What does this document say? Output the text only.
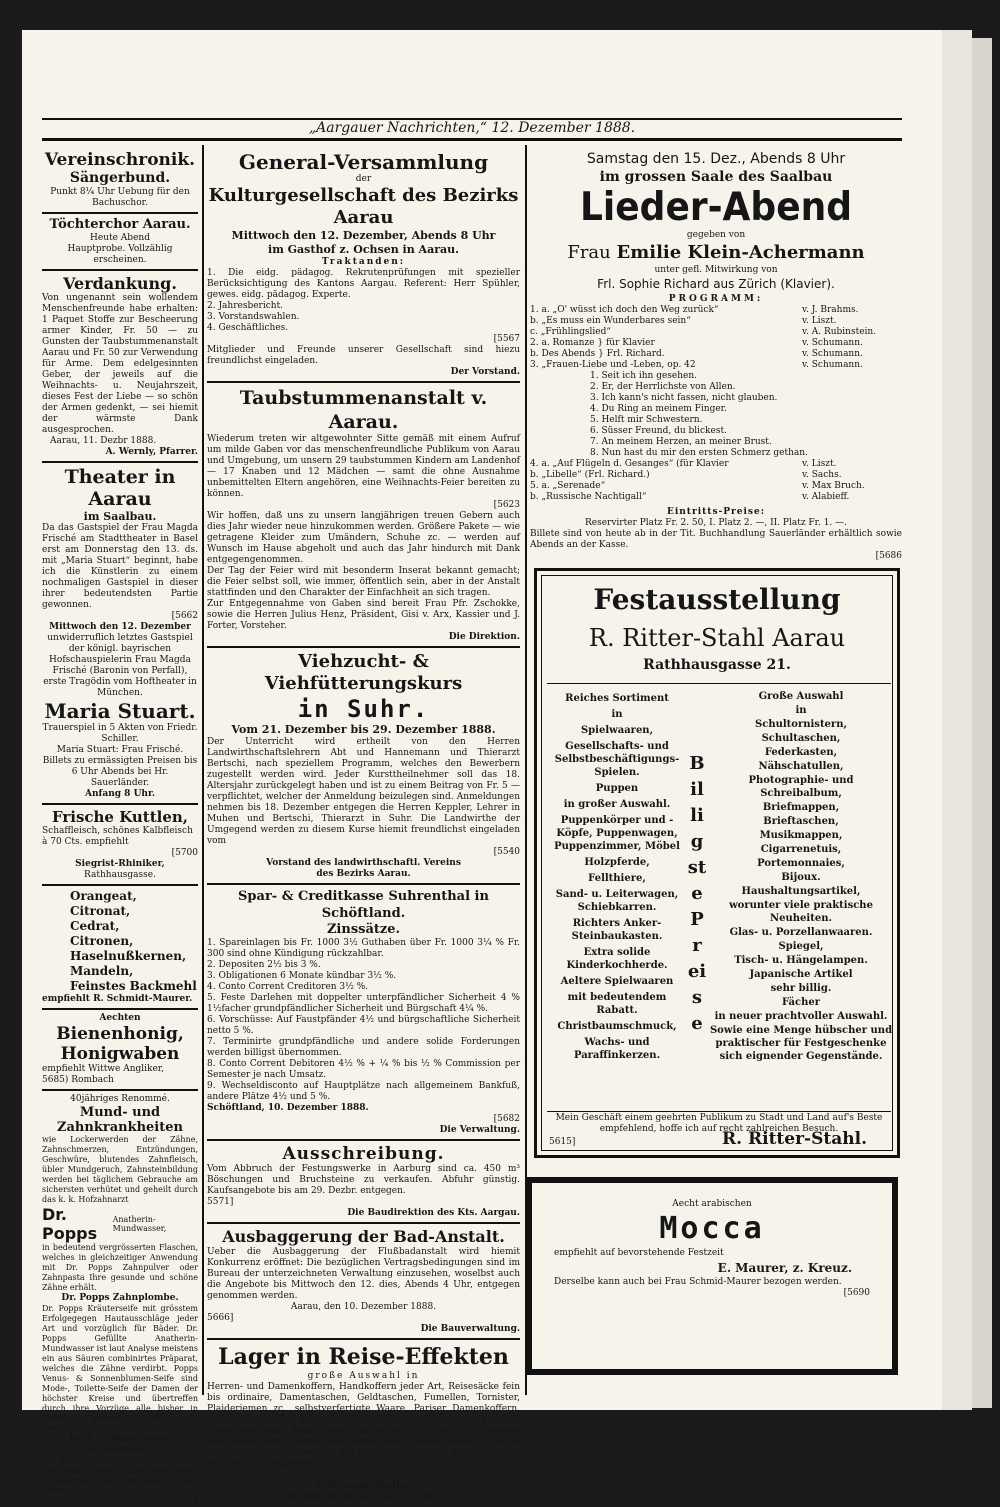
„Aargauer Nachrichten,“ 12. Dezember 1888.

Vereinschronik.

Sängerbund.

Punkt 8¼ Uhr Uebung für den Bachuschor.

Töchterchor Aarau.

Heute Abend

Hauptprobe. Vollzählig erscheinen.

Verdankung.

Von ungenannt sein wollendem Menschenfreunde habe erhalten: 1 Paquet Stoffe zur Bescheerung armer Kinder, Fr. 50 — zu Gunsten der Taubstummenanstalt Aarau und Fr. 50 zur Verwendung für Arme. Dem edelgesinnten Geber, der jeweils auf die Weihnachts- u. Neujahrszeit, dieses Fest der Liebe — so schön der Armen gedenkt, — sei hiemit der wärmste Dank ausgesprochen.

Aarau, 11. Dezbr 1888.

A. Wernly, Pfarrer.

Theater in Aarau

im Saalbau.

Da das Gastspiel der Frau Magda Frisché am Stadttheater in Basel erst am Donnerstag den 13. ds. mit „Maria Stuart“ beginnt, habe ich die Künstlerin zu einem nochmaligen Gastspiel in dieser ihrer bedeutendsten Partie gewonnen.

[5662

Mittwoch den 12. Dezember

unwiderruflich letztes Gastspiel der königl. bayrischen Hofschauspielerin Frau Magda Frisché (Baronin von Perfall), erste Tragödin vom Hoftheater in München.

Maria Stuart.

Trauerspiel in 5 Akten von Friedr. Schiller.

Maria Stuart: Frau Frisché. Billets zu ermässigten Preisen bis 6 Uhr Abends bei Hr. Sauerländer.

Anfang 8 Uhr.

Frische Kuttlen,

Schaffleisch, schönes Kalbfleisch à 70 Cts. empfiehlt

[5700

Siegrist-Rhiniker,

Rathhausgasse.

Orangeat,

Citronat,

Cedrat,

Citronen,

Haselnußkernen,

Mandeln,

Feinstes Backmehl

empfiehlt R. Schmidt-Maurer.

Aechten

Bienenhonig,

Honigwaben

empfiehlt Wittwe Angliker,

5685) Rombach

40jähriges Renommé.

Mund- und Zahnkrankheiten

wie Lockerwerden der Zähne, Zahnschmerzen, Entzündungen, Geschwüre, blutendes Zahnfleisch, übler Mundgeruch, Zahnsteinbildung werden bei täglichem Gebrauche am sichersten verhütet und geheilt durch das k. k. Hofzahnarzt

Dr. Popps
Anatherin-Mundwasser,

in bedeutend vergrösserten Flaschen, welches in gleichzeitiger Anwendung mit Dr. Popps Zahnpulver oder Zahnpasta Ihre gesunde und schöne Zähne erhält.

Dr. Popps Zahnplombe.

Dr. Popps Kräuterseife mit grösstem Erfolgegegen Hautausschläge jeder Art und vorzüglich für Bäder. Dr. Popps Gefüllte Anatherin-Mundwasser ist laut Analyse meistens ein aus Säuren combinirtes Präparat, welches die Zähne verdirbt. Popps Venus- & Sonnenblumen-Seife sind Mode-, Toilette-Seife der Damen der höchster Kreise und übertreffen durch ihre Vorzüge alle bisher in Gebrauch gewesene Seifen, aufs Beste empfohlen.

Dr. J. G. Popp, Wien,

Bognergasse 2.

Zu haben in Aarau: E. Keusch, Apotheker, sowie in allen Apotheken, Droguerien und Parfumerien der Schweiz.

(4992

General-Versammlung

der

Kulturgesellschaft des Bezirks Aarau

Mittwoch den 12. Dezember, Abends 8 Uhr

im Gasthof z. Ochsen in Aarau.

Traktanden:

1. Die eidg. pädagog. Rekrutenprüfungen mit spezieller Berücksichtigung des Kantons Aargau. Referent: Herr Spühler, gewes. eidg. pädagog. Experte.

2. Jahresbericht.

3. Vorstandswahlen.

4. Geschäftliches.

[5567

Mitglieder und Freunde unserer Gesellschaft sind hiezu freundlichst eingeladen.

Der Vorstand.

Taubstummenanstalt v. Aarau.

Wiederum treten wir altgewohnter Sitte gemäß mit einem Aufruf um milde Gaben vor das menschenfreundliche Publikum von Aarau und Umgebung, um unsern 29 taubstummen Kindern am Landenhof — 17 Knaben und 12 Mädchen — samt die ohne Ausnahme unbemittelten Eltern angehören, eine Weihnachts-Feier bereiten zu können.

[5623

Wir hoffen, daß uns zu unsern langjährigen treuen Gebern auch dies Jahr wieder neue hinzukommen werden. Größere Pakete — wie getragene Kleider zum Umändern, Schuhe zc. — werden auf Wunsch im Hause abgeholt und auch das Jahr hindurch mit Dank entgegengenommen.

Der Tag der Feier wird mit besonderm Inserat bekannt gemacht; die Feier selbst soll, wie immer, öffentlich sein, aber in der Anstalt stattfinden und den Charakter der Einfachheit an sich tragen.

Zur Entgegennahme von Gaben sind bereit Frau Pfr. Zschokke, sowie die Herren Julius Henz, Präsident, Gisi v. Arx, Kassier und J. Forter, Vorsteher.

Die Direktion.

Viehzucht- & Viehfütterungskurs

in Suhr.

Vom 21. Dezember bis 29. Dezember 1888.

Der Unterricht wird ertheilt von den Herren Landwirthschaftslehrern Abt und Hannemann und Thierarzt Bertschi, nach speziellem Programm, welches den Bewerbern zugestellt werden wird. Jeder Kursttheilnehmer soll das 18. Altersjahr zurückgelegt haben und ist zu einem Beitrag von Fr. 5 — verpflichtet, welcher der Anmeldung beizulegen sind. Anmeldungen nehmen bis 18. Dezember entgegen die Herren Keppler, Lehrer in Muhen und Bertschi, Thierarzt in Suhr. Die Landwirthe der Umgegend werden zu diesem Kurse hiemit freundlichst eingeladen vom

[5540

Vorstand des landwirthschaftl. Vereins

des Bezirks Aarau.

Spar- & Creditkasse Suhrenthal in Schöftland.

Zinssätze.

1. Spareinlagen bis Fr. 1000 3½ Guthaben über Fr. 1000 3¼ % Fr. 300 sind ohne Kündigung rückzahlbar.

2. Depositen 2½ bis 3 %.

3. Obligationen 6 Monate kündbar 3½ %.

4. Conto Corrent Creditoren 3½ %.

5. Feste Darlehen mit doppelter unterpfändlicher Sicherheit 4 % 1½facher grundpfändlicher Sicherheit und Bürgschaft 4¼ %.

6. Vorschüsse: Auf Faustpfänder 4½ und bürgschaftliche Sicherheit netto 5 %.

7. Terminirte grundpfändliche und andere solide Forderungen werden billigst übernommen.

8. Conto Corrent Debitoren 4½ % + ¼ % bis ½ % Commission per Semester je nach Umsatz.

9. Wechseldisconto auf Hauptplätze nach allgemeinem Bankfuß, andere Plätze 4½ und 5 %.

Schöftland, 10. Dezember 1888.

[5682

Die Verwaltung.

Ausschreibung.

Vom Abbruch der Festungswerke in Aarburg sind ca. 450 m³ Böschungen und Bruchsteine zu verkaufen. Abfuhr günstig. Kaufsangebote bis am 29. Dezbr. entgegen.

5571]

Die Baudirektion des Kts. Aargau.

Ausbaggerung der Bad-Anstalt.

Ueber die Ausbaggerung der Flußbadanstalt wird hiemit Konkurrenz eröffnet: Die bezüglichen Vertragsbedingungen sind im Bureau der unterzeichneten Verwaltung einzusehen, woselbst auch die Angebote bis Mittwoch den 12. dies, Abends 4 Uhr, entgegen genommen werden.

Aarau, den 10. Dezember 1888.

5666]

Die Bauverwaltung.

Lager in Reise-Effekten

große Auswahl in

Herren- und Damenkoffern, Handkoffern jeder Art, Reisesäcke fein bis ordinaire, Damentaschen, Geldtaschen, Fumellen, Tornister, Plaideriemen zc., selbstverfertigte Waare. Pariser Damenkoffern, billige Handkoffer jeder Art, Fabrik-Waare liefere zum gleichen Preise wie jedes Bazar- oder Engros-Geschäft. Geschirre, Wagen- und Polsterarbeit, Sättel, Reitzäume, sowie Muster-Koffern, Akten- und Postmappen zc. werden gut und möglichst billig geliefert, wozu sich höflichst empfiehlt

[2913

A. Schmidt, Sattler,

Bachstraße, bei der obern Mühle.

Samstag den 15. Dez., Abends 8 Uhr

im grossen Saale des Saalbau

Lieder-Abend

gegeben von

Frau Emilie Klein-Achermann

unter gefl. Mitwirkung von

Frl. Sophie Richard aus Zürich (Klavier).

PROGRAMM:

1. a. „O' wüsst ich doch den Weg zurück“	v. J. Brahms.
b. „Es muss ein Wunderbares sein“	v. Liszt.
c. „Frühlingslied“	v. A. Rubinstein.
2. a. Romanze } für Klavier	v. Schumann.
b. Des Abends } Frl. Richard.	v. Schumann.
3. „Frauen-Liebe und -Leben, op. 42	v. Schumann.

1. Seit ich ihn gesehen.

2. Er, der Herrlichste von Allen.

3. Ich kann's nicht fassen, nicht glauben.

4. Du Ring an meinem Finger.

5. Helft mir Schwestern.

6. Süsser Freund, du blickest.

7. An meinem Herzen, an meiner Brust.

8. Nun hast du mir den ersten Schmerz gethan.

4. a. „Auf Flügeln d. Gesanges“ (für Klavier	v. Liszt.
b. „Libelle“ (Frl. Richard.)	v. Sachs.
5. a. „Serenade“	v. Max Bruch.
b. „Russische Nachtigall“	v. Alabieff.

Eintritts-Preise:

Reservirter Platz Fr. 2. 50, I. Platz 2. —, II. Platz Fr. 1. —.

Billete sind von heute ab in der Tit. Buchhandlung Sauerländer erhältlich sowie Abends an der Kasse.

[5686

Festausstellung

R. Ritter-Stahl Aarau

Rathhausgasse 21.

Reiches Sortiment

in

Spielwaaren,

Gesellschafts- und Selbstbeschäftigungs-Spielen.

Puppen

in großer Auswahl.

Puppenkörper und -Köpfe, Puppenwagen, Puppenzimmer, Möbel

Holzpferde,

Fellthiere,

Sand- u. Leiterwagen, Schiebkarren.

Richters Anker-Steinbaukasten.

Extra solide Kinderkochherde.

Aeltere Spielwaaren

mit bedeutendem Rabatt.

Christbaumschmuck,

Wachs- und Paraffinkerzen.

Billigste Preise

Große Auswahl

in

Schultornistern,

Schultaschen,

Federkasten,

Nähschatullen,

Photographie- und Schreibalbum,

Briefmappen,

Brieftaschen,

Musikmappen,

Cigarrenetuis,

Portemonnaies,

Bijoux.

Haushaltungsartikel,

worunter viele praktische Neuheiten.

Glas- u. Porzellanwaaren.

Spiegel,

Tisch- u. Hängelampen.

Japanische Artikel

sehr billig.

Fächer

in neuer prachtvoller Auswahl.

Sowie eine Menge hübscher und praktischer für Festgeschenke sich eignender Gegenstände.

Mein Geschäft einem geehrten Publikum zu Stadt und Land auf's Beste empfehlend, hoffe ich auf recht zahlreichen Besuch.

5615]	R. Ritter-Stahl.

Aecht arabischen

Mocca

empfiehlt auf bevorstehende Festzeit

E. Maurer, z. Kreuz.

Derselbe kann auch bei Frau Schmid-Maurer bezogen werden.

[5690
